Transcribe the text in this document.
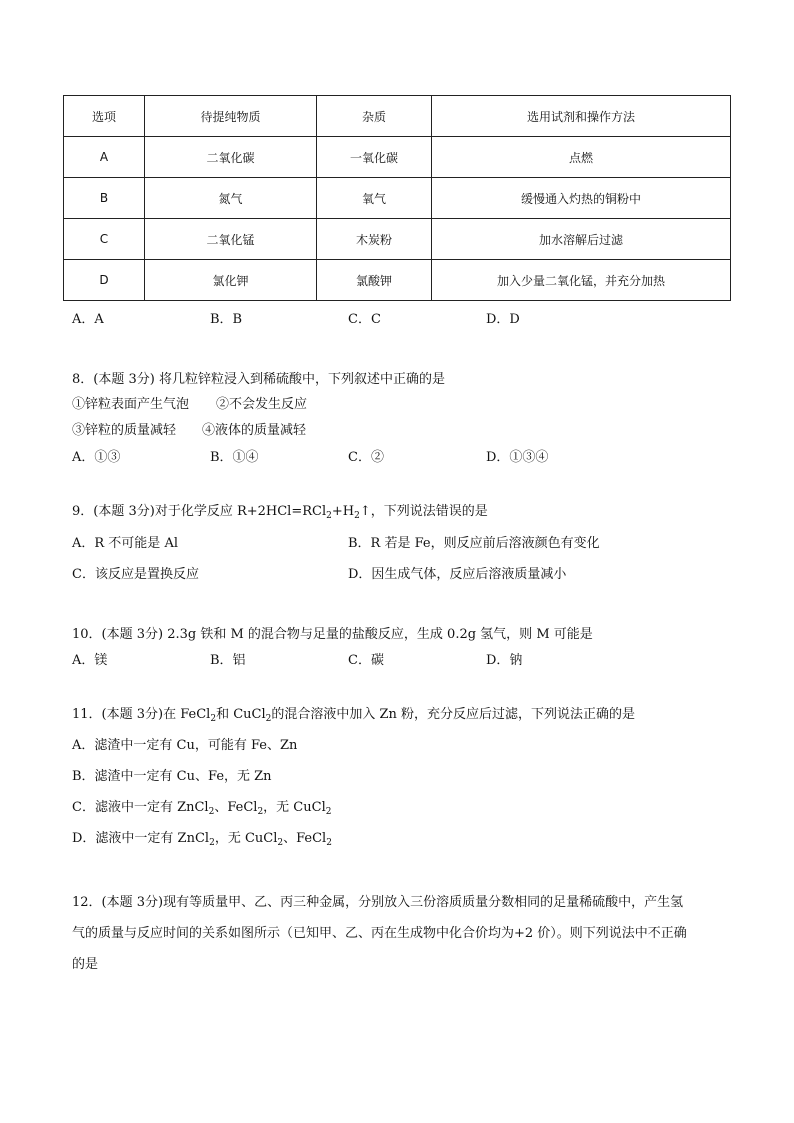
选项	待提纯物质	杂质	选用试剂和操作方法
A	二氧化碳	一氧化碳	点燃
B	氮气	氧气	缓慢通入灼热的铜粉中
C	二氧化锰	木炭粉	加水溶解后过滤
D	氯化钾	氯酸钾	加入少量二氧化锰，并充分加热
A．A	B．B	C．C	D．D
8．(本题 3分) 将几粒锌粒浸入到稀硫酸中，下列叙述中正确的是
①锌粒表面产生气泡 ②不会发生反应
③锌粒的质量减轻 ④液体的质量减轻
A．①③	B．①④	C．②	D．①③④
9．(本题 3分)对于化学反应 $R+2HCl=RCl_2+H_2↑$，下列说法错误的是
A．R 不可能是 Al	B．R 若是 Fe，则反应前后溶液颜色有变化
C．该反应是置换反应	D．因生成气体，反应后溶液质量减小
10．(本题 3分) 2.3g 铁和 M 的混合物与足量的盐酸反应，生成 0.2g 氢气，则 M 可能是
A．镁	B．铝	C．碳	D．钠
11．(本题 3分)在 FeCl$_2$和 CuCl$_2$的混合溶液中加入 Zn 粉，充分反应后过滤，下列说法正确的是
A．滤渣中一定有 Cu，可能有 Fe、Zn
B．滤渣中一定有 Cu、Fe，无 Zn
C．滤液中一定有 ZnCl$_2$、FeCl$_2$，无 CuCl$_2$
D．滤液中一定有 ZnCl$_2$，无 CuCl$_2$、FeCl$_2$
12．(本题 3分)现有等质量甲、乙、丙三种金属，分别放入三份溶质质量分数相同的足量稀硫酸中，产生氢
气的质量与反应时间的关系如图所示（已知甲、乙、丙在生成物中化合价均为+2 价）。则下列说法中不正确
的是
